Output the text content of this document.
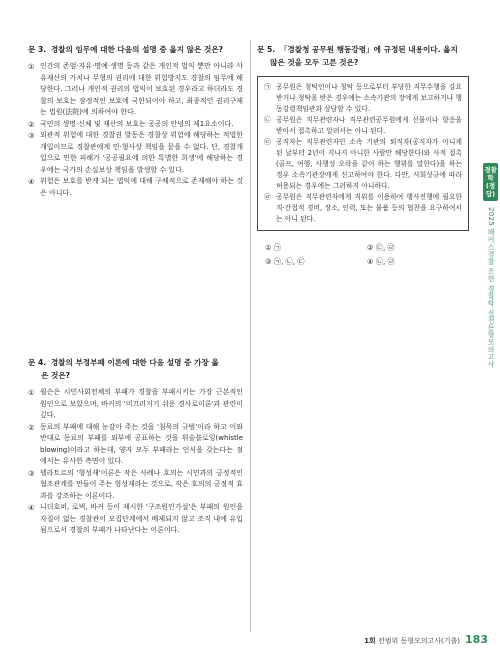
문 3. 경찰의 임무에 대한 다음의 설명 중 옳지 않은 것은?

① 인간의 존엄·자유·명예·생명 등과 같은 개인적 법익 뿐만 아니라 사유재산의 가치나 무형의 권리에 대한 위험방지도 경찰의 임무에 해당한다. 그러나 개인적 권리의 법익이 보호된 경우라고 하더라도 경찰의 보호는 잠정적인 보호에 국한되어야 하고, 최종적인 권리구제는 법원(法院)에 의하여야 한다.
② 국민의 생명·신체 및 재산의 보호는 공공의 안녕의 제1요소이다.
③ 외관적 위험에 대한 경찰권 발동은 경찰상 위험에 해당하는 적법한 개입이므로 경찰관에게 민·형사상 책임을 묻을 수 없다. 단, 경찰개입으로 인한 피해가 '공공필요에 의한 특별한 희생'에 해당하는 경우에는 국가의 손실보상 책임을 발생할 수 있다.
④ 위험은 보호를 받게 되는 법익에 대해 구체적으로 존재해야 하는 것은 아니다.

문 4. 경찰의 부정부패 이론에 대한 다음 설명 중 가장 옳

은 것은?

① 윌슨은 시민사회전체의 부패가 경찰을 부패시키는 가장 근본적인 원인으로 보았으며, 바커의 '미끄러지기 쉬운 경사로이론'과 관련이 깊다.
② 동료의 부패에 대해 눈감아 주는 것을 '침묵의 규범'이라 하고 이와 반대로 동료의 부패를 외부에 공표하는 것을 휘슬블로잉(whistle blowing)이라고 하는데, 양자 모두 부패라는 인식을 갖는다는 점에서는 유사한 측면이 있다.
③ 델라트르의 '형성재'이론은 작은 사례나 호의는 시민과의 긍정적인 협조관계를 만들어 주는 형성재라는 것으로, 작은 호의의 긍정적 효과를 강조하는 이론이다.
④ 니더호퍼, 로벅, 바커 등이 제시한 '구조원인가설'은 부패의 원인을 자질이 없는 경찰관이 모집단계에서 배제되지 않고 조직 내에 유입됨으로서 경찰의 부패가 나타난다는 이론이다.

문 5. 「경찰청 공무원 행동강령」에 규정된 내용이다. 옳지

않은 것을 모두 고른 것은?

㉠ 공무원은 청탁인이나 청탁 등으로부터 부당한 직무수행을 강요받거나 청탁을 받은 경우에는 소속기관의 장에게 보고하거나 행동강령책임관과 상담할 수 있다.
㉡ 공무원은 직무관련자나 직무관련공무원에게 선물이나 향응을 받아서 접촉하고 알려서는 아니 된다.
㉢ 공직자는 직무관련자인 소속 기관의 퇴직자(공직자가 아니게 된 날부터 2년이 지나지 아니한 사람만 해당한다)와 사적 접촉(골프, 여행, 사행성 오락을 같이 하는 행위를 말한다)을 하는 경우 소속기관장에게 신고하여야 한다. 다만, 사회상규에 따라 허용되는 경우에는 그러하지 아니하다.
㉣ 공무원은 직무관련자에게 직위를 이용하여 행사진행에 필요한 직·간접적 경비, 장소, 인력, 또는 물품 등의 협찬을 요구하여서는 아니 된다.
① ㉠	② ㉢, ㉣
③ ㉠, ㉡, ㉢	④ ㉡, ㉣
경찰학(정답)
2025 해커스경찰 조현 경찰학 실전동형모의고사
1회 전범위 동형모의고사(기출) 183
